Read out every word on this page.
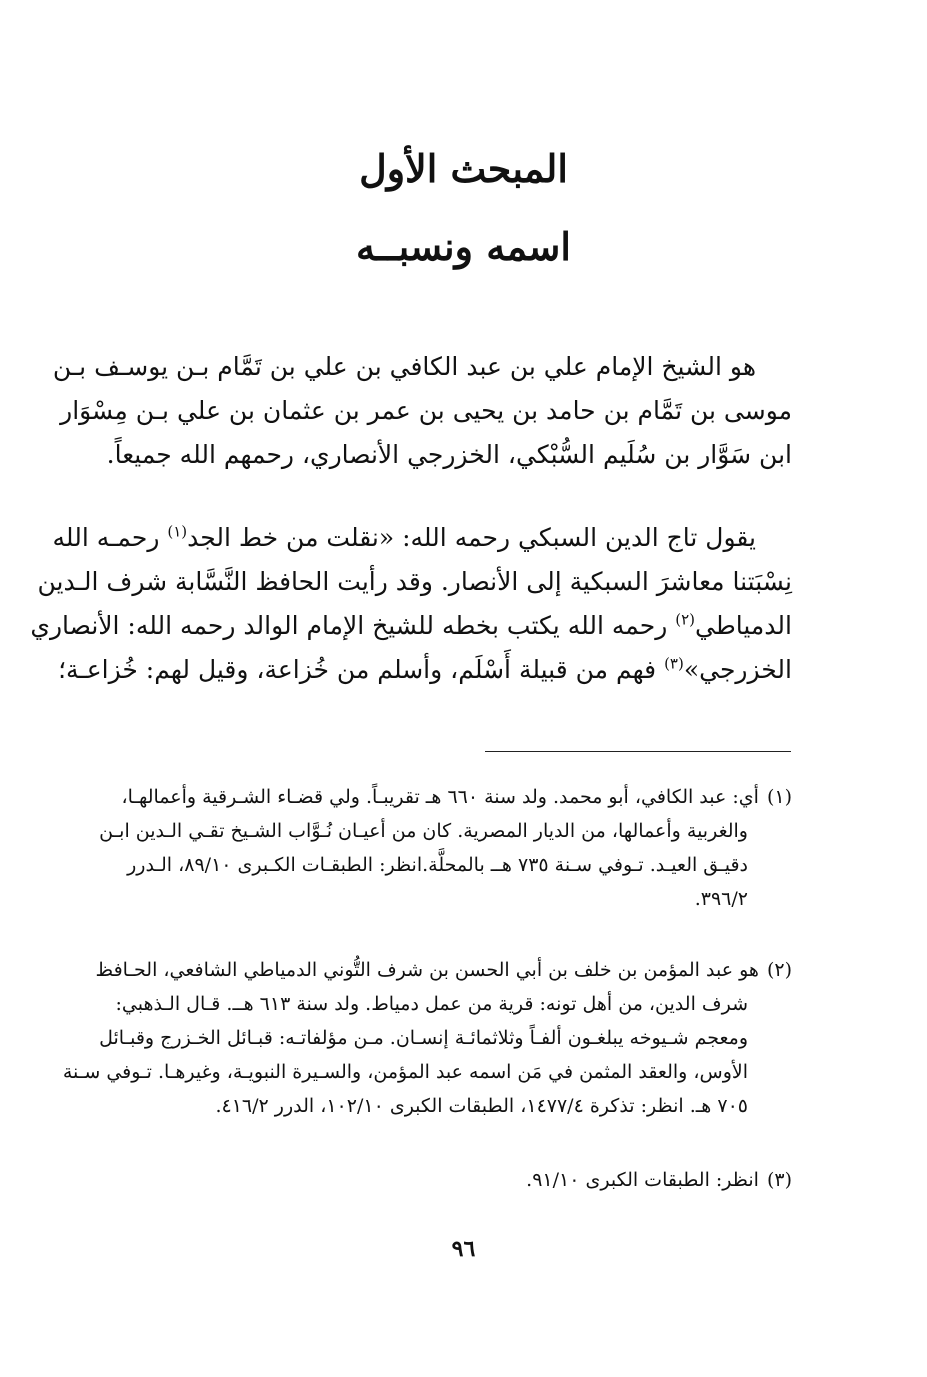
المبحث الأول
اسمه ونسبــه
هو الشيخ الإمام علي بن عبد الكافي بن علي بن تَمَّام بـن يوسـف بـن
موسى بن تَمَّام بن حامد بن يحيى بن عمر بن عثمان بن علي بـن مِسْوَار
ابن سَوَّار بن سُلَيم السُّبْكي، الخزرجي الأنصاري، رحمهم الله جميعاً.
يقول تاج الدين السبكي رحمه الله: «نقلت من خط الجد$^{(١)}$ رحمـه الله
نِسْبَتنا معاشرَ السبكية إلى الأنصار. وقد رأيت الحافظ النَّسَّابة شرف الـدين
الدمياطي$^{(٢)}$ رحمه الله يكتب بخطه للشيخ الإمام الوالد رحمه الله: الأنصاري
الخزرجي»$^{(٣)}$ فهم من قبيلة أَسْلَم، وأسلم من خُزاعة، وقيل لهم: خُزاعـة؛
(١)أي: عبد الكافي، أبو محمد. ولد سنة ٦٦٠ هـ تقريبـاً. ولي قضـاء الشـرقية وأعمالهـا،
والغربية وأعمالها، من الديار المصرية. كان من أعيـان نُـوَّاب الشـيخ تقـي الـدين ابـن
دقيـق العيـد. تـوفي سـنة ٧٣٥ هــ بالمحلَّة.انظر: الطبقـات الكـبرى ٨٩/١٠، الـدرر
٣٩٦/٢.
(٢)هو عبد المؤمن بن خلف بن أبي الحسن بن شرف التُّوني الدمياطي الشافعي، الحـافظ
شرف الدين، من أهل تونه: قرية من عمل دمياط. ولد سنة ٦١٣ هــ. قـال الـذهبي:
ومعجم شـيوخه يبلغـون ألفـاً وثلاثمائـة إنسـان. مـن مؤلفاتـه: قبـائل الخـزرج وقبـائل
الأوس، والعقد المثمن في مَن اسمه عبد المؤمن، والسـيرة النبويـة، وغيرهـا. تـوفي سـنة
٧٠٥ هـ. انظر: تذكرة ١٤٧٧/٤، الطبقات الكبرى ١٠٢/١٠، الدرر ٤١٦/٢.
(٣)انظر: الطبقات الكبرى ٩١/١٠.
٩٦
